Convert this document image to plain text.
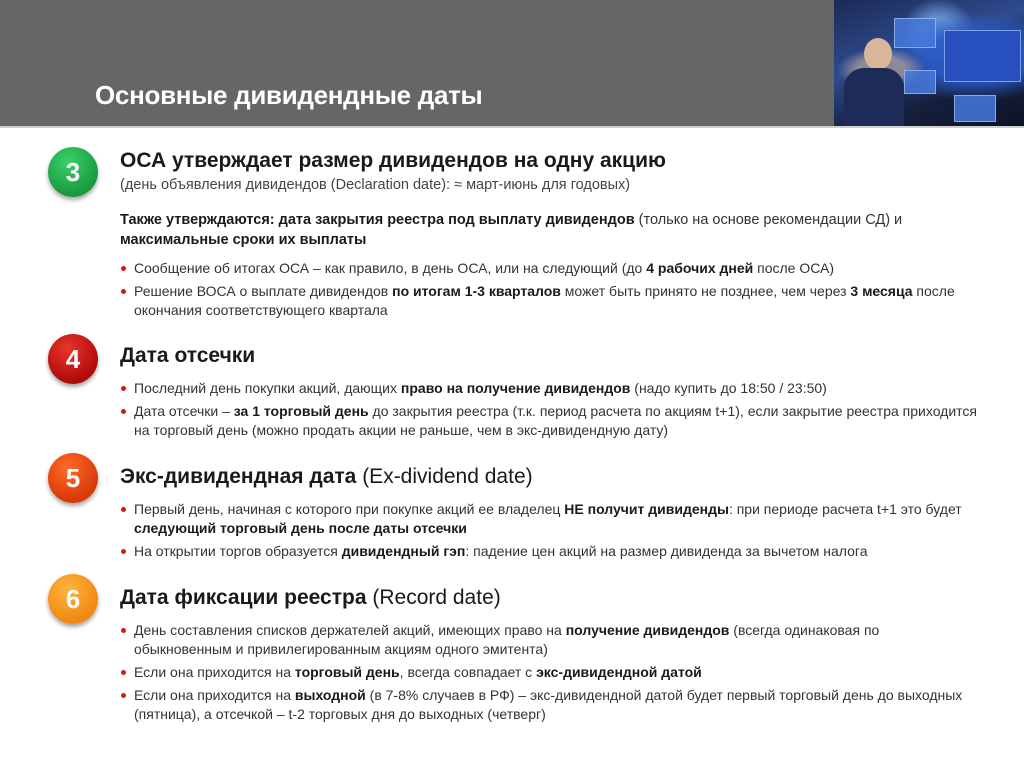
Основные дивидендные даты
3	ОСА утверждает размер дивидендов на одну акцию
(день объявления дивидендов (Declaration date): ≈ март-июнь для годовых)
Также утверждаются: дата закрытия реестра под выплату дивидендов (только на основе рекомендации СД) и максимальные сроки их выплаты
Сообщение об итогах ОСА – как правило, в день ОСА, или на следующий (до 4 рабочих дней после ОСА)
Решение ВОСА о выплате дивидендов по итогам 1-3 кварталов может быть принято не позднее, чем через 3 месяца после окончания соответствующего квартала
4	Дата отсечки
Последний день покупки акций, дающих право на получение дивидендов (надо купить до 18:50 / 23:50)
Дата отсечки – за 1 торговый день до закрытия реестра (т.к. период расчета по акциям t+1), если закрытие реестра приходится на торговый день (можно продать акции не раньше, чем в экс-дивидендную дату)
5	Экс-дивидендная дата (Ex-dividend date)
Первый день, начиная с которого при покупке акций ее владелец НЕ получит дивиденды: при периоде расчета t+1 это будет следующий торговый день после даты отсечки
На открытии торгов образуется дивидендный гэп: падение цен акций на размер дивиденда за вычетом налога
6	Дата фиксации реестра (Record date)
День составления списков держателей акций, имеющих право на получение дивидендов (всегда одинаковая по обыкновенным и привилегированным акциям одного эмитента)
Если она приходится на торговый день, всегда совпадает с экс-дивидендной датой
Если она приходится на выходной (в 7-8% случаев в РФ) – экс-дивидендной датой будет первый торговый день до выходных (пятница), а отсечкой – t-2 торговых дня до выходных (четверг)
